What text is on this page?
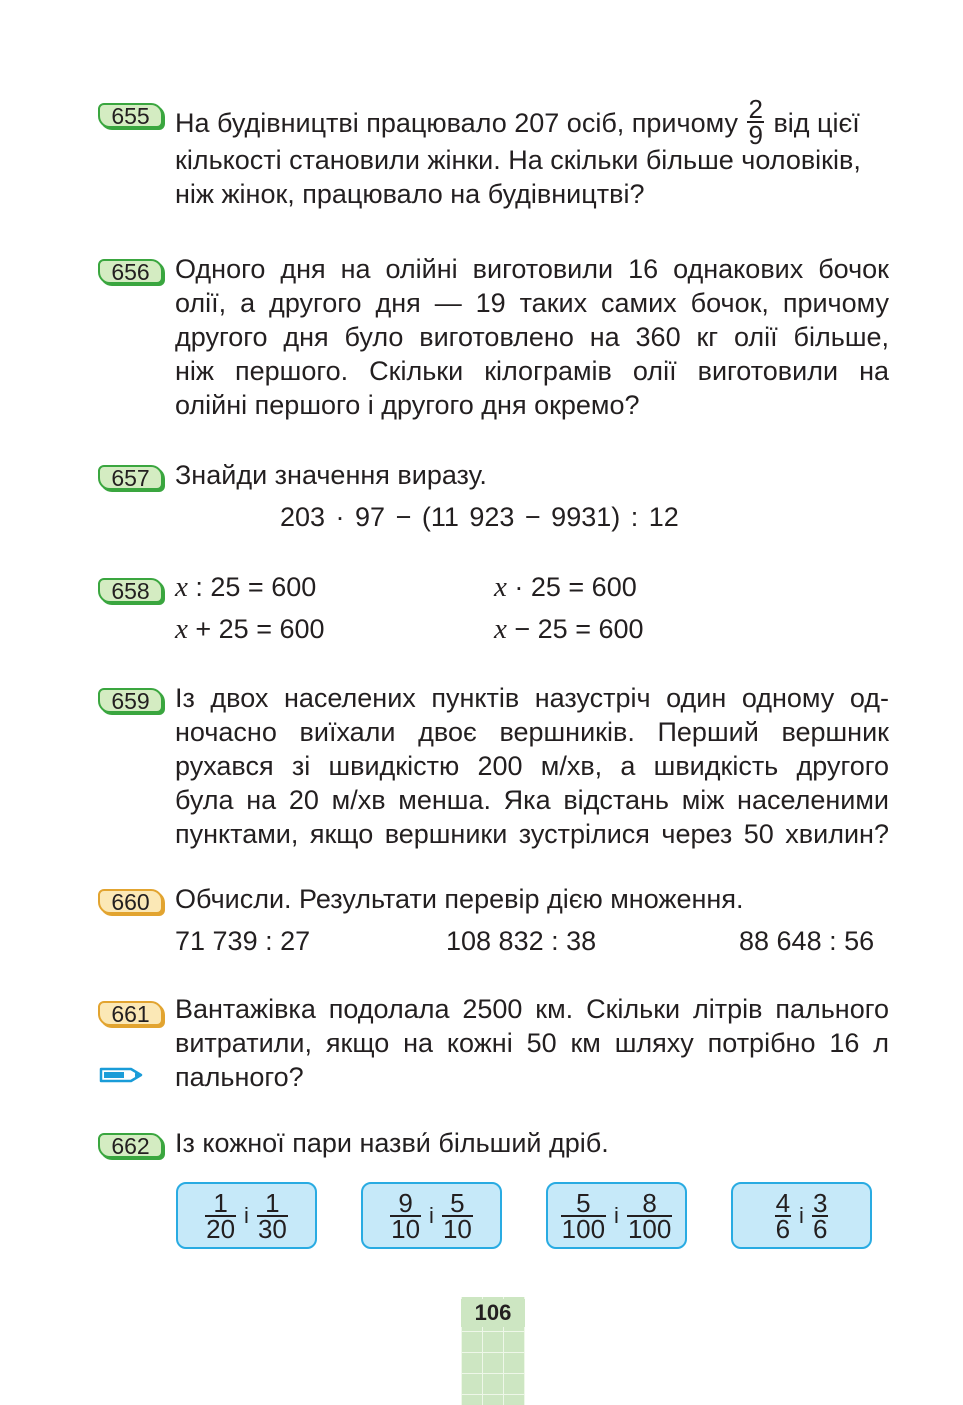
655 На будівництві працювало 207 осіб, причому $\frac{2}{9}$ від цієї
кількості становили жінки. На скільки більше чоловіків,
ніж жінок, працювало на будівництві?
656 Одного дня на олійні виготовили 16 однакових бочок
олії, а другого дня — 19 таких самих бочок, причому
другого дня було виготовлено на 360 кг олії більше,
ніж першого. Скільки кілограмів олії виготовили на
олійні першого і другого дня окремо?
657 Знайди значення виразу.
203 · 97 − (11 923 − 9931) : 12
658 x : 25 = 600	x · 25 = 600
x + 25 = 600	x − 25 = 600
659 Із двох населених пунктів назустріч один одному од-
ночасно виїхали двоє вершників. Перший вершник
рухався зі швидкістю 200 м/хв, а швидкість другого
була на 20 м/хв менша. Яка відстань між населеними
пунктами, якщо вершники зустрілися через 50 хвилин?
660 Обчисли. Результати перевір дією множення.
71 739 : 27	108 832 : 38	88 648 : 56
661 Вантажівка подолала 2500 км. Скільки літрів пального
витратили, якщо на кожні 50 км шляху потрібно 16 л
пального?
662 Із кожної пари назви́ більший дріб.
$\frac{1}{20}$ і $\frac{1}{30}$	$\frac{9}{10}$ і $\frac{5}{10}$	$\frac{5}{100}$ і $\frac{8}{100}$	$\frac{4}{6}$ і $\frac{3}{6}$
106
